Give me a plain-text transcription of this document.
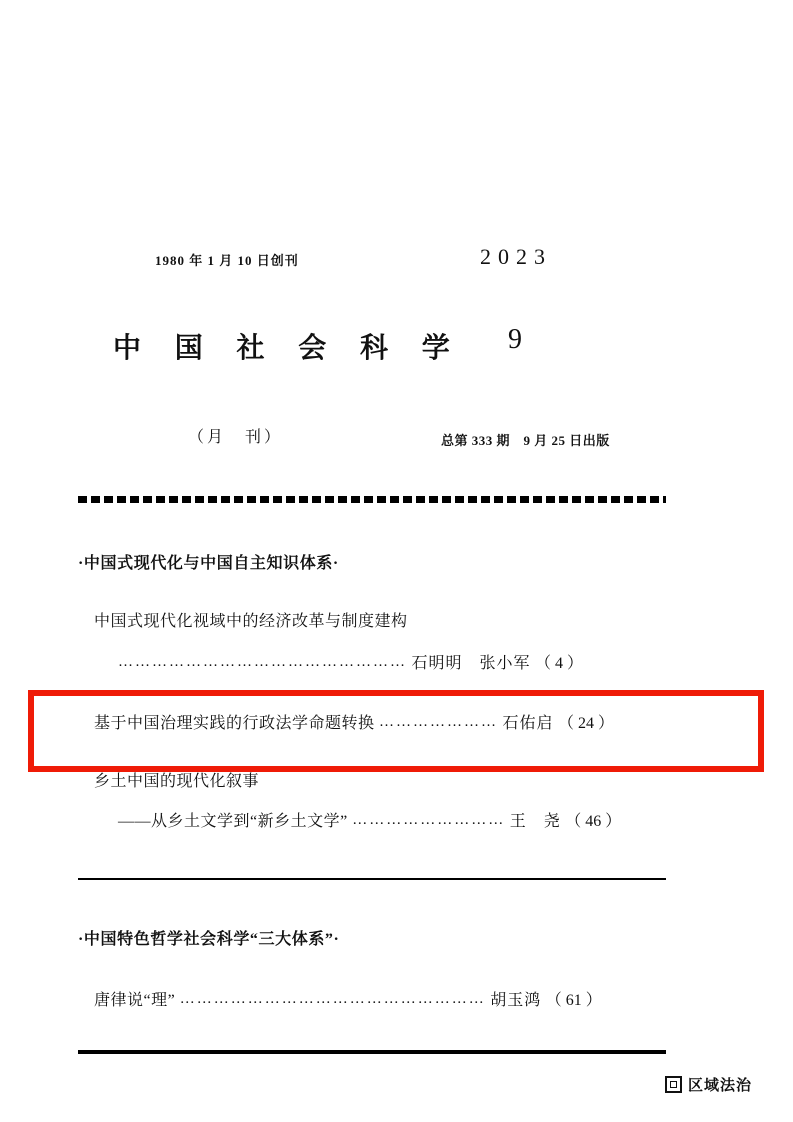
1980 年 1 月 10 日创刊	2023
中 国 社 会 科 学 9
（月　刊）	总第 333 期　9 月 25 日出版
·中国式现代化与中国自主知识体系·
中国式现代化视域中的经济改革与制度建构
…………………………………………… 石明明　张小军 （ 4 ）
基于中国治理实践的行政法学命题转换 ………………… 石佑启 （ 24 ）
乡土中国的现代化叙事
——从乡土文学到“新乡土文学” ……………………… 王　尧 （ 46 ）
·中国特色哲学社会科学“三大体系”·
唐律说“理” ……………………………………………… 胡玉鸿 （ 61 ）
区域法治
